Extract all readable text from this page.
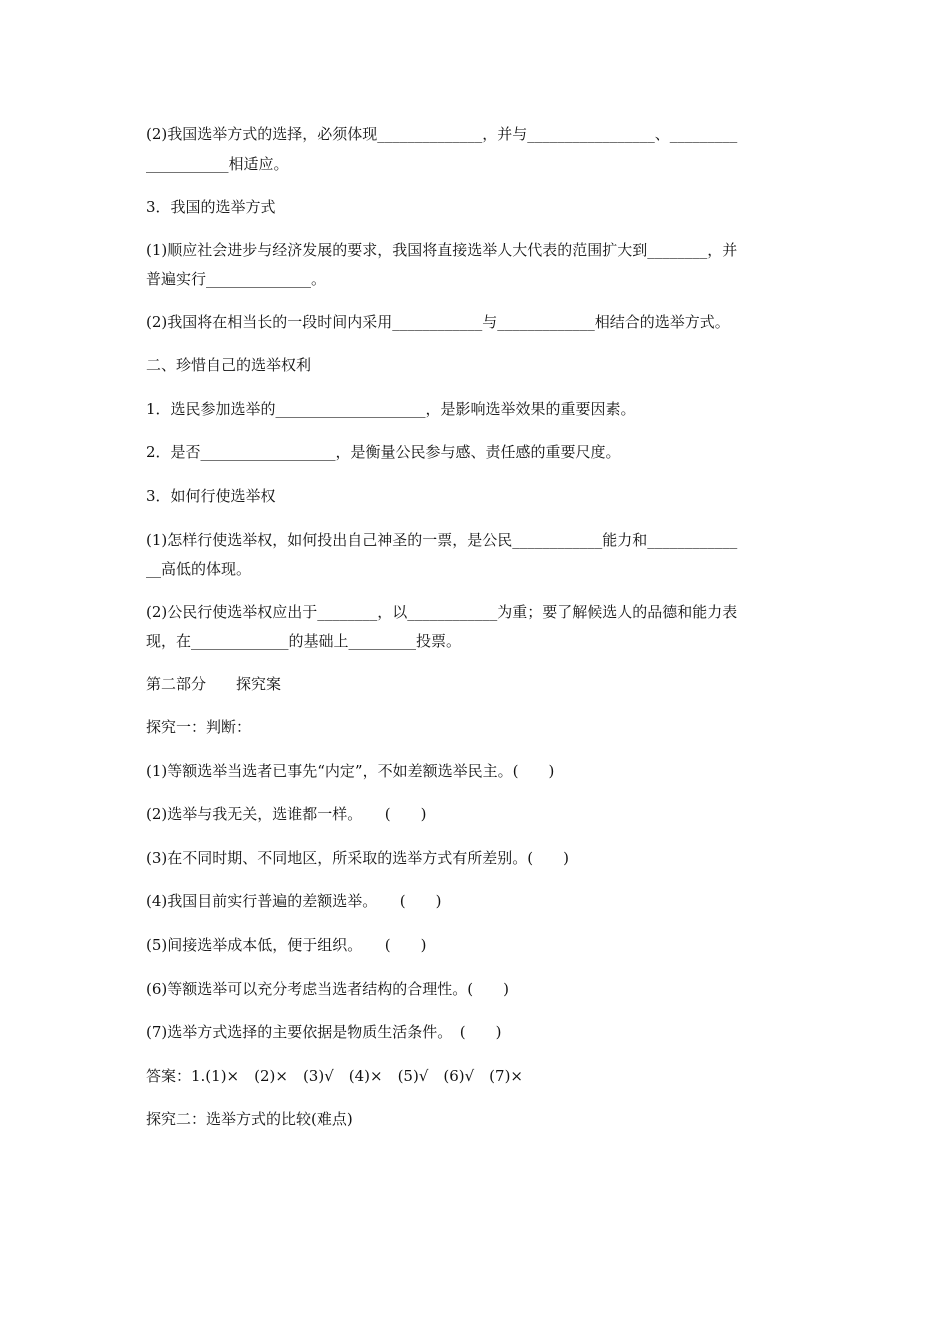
(2)我国选举方式的选择，必须体现______________，并与_________________、_________
___________相适应。
3．我国的选举方式
(1)顺应社会进步与经济发展的要求，我国将直接选举人大代表的范围扩大到________，并
普遍实行______________。
(2)我国将在相当长的一段时间内采用____________与_____________相结合的选举方式。
二、珍惜自己的选举权利
1．选民参加选举的____________________，是影响选举效果的重要因素。
2．是否__________________，是衡量公民参与感、责任感的重要尺度。
3．如何行使选举权
(1)怎样行使选举权，如何投出自己神圣的一票，是公民____________能力和____________
__高低的体现。
(2)公民行使选举权应出于________，以____________为重；要了解候选人的品德和能力表
现，在_____________的基础上_________投票。
第二部分　　探究案
探究一：判断：
(1)等额选举当选者已事先“内定”，不如差额选举民主。(　　)
(2)选举与我无关，选谁都一样。　　(　　)
(3)在不同时期、不同地区，所采取的选举方式有所差别。(　　)
(4)我国目前实行普遍的差额选举。　　(　　)
(5)间接选举成本低，便于组织。　　(　　)
(6)等额选举可以充分考虑当选者结构的合理性。(　　)
(7)选举方式选择的主要依据是物质生活条件。　(　　)
答案：1.(1)×　(2)×　(3)√　(4)×　(5)√　(6)√　(7)×
探究二：选举方式的比较(难点)
